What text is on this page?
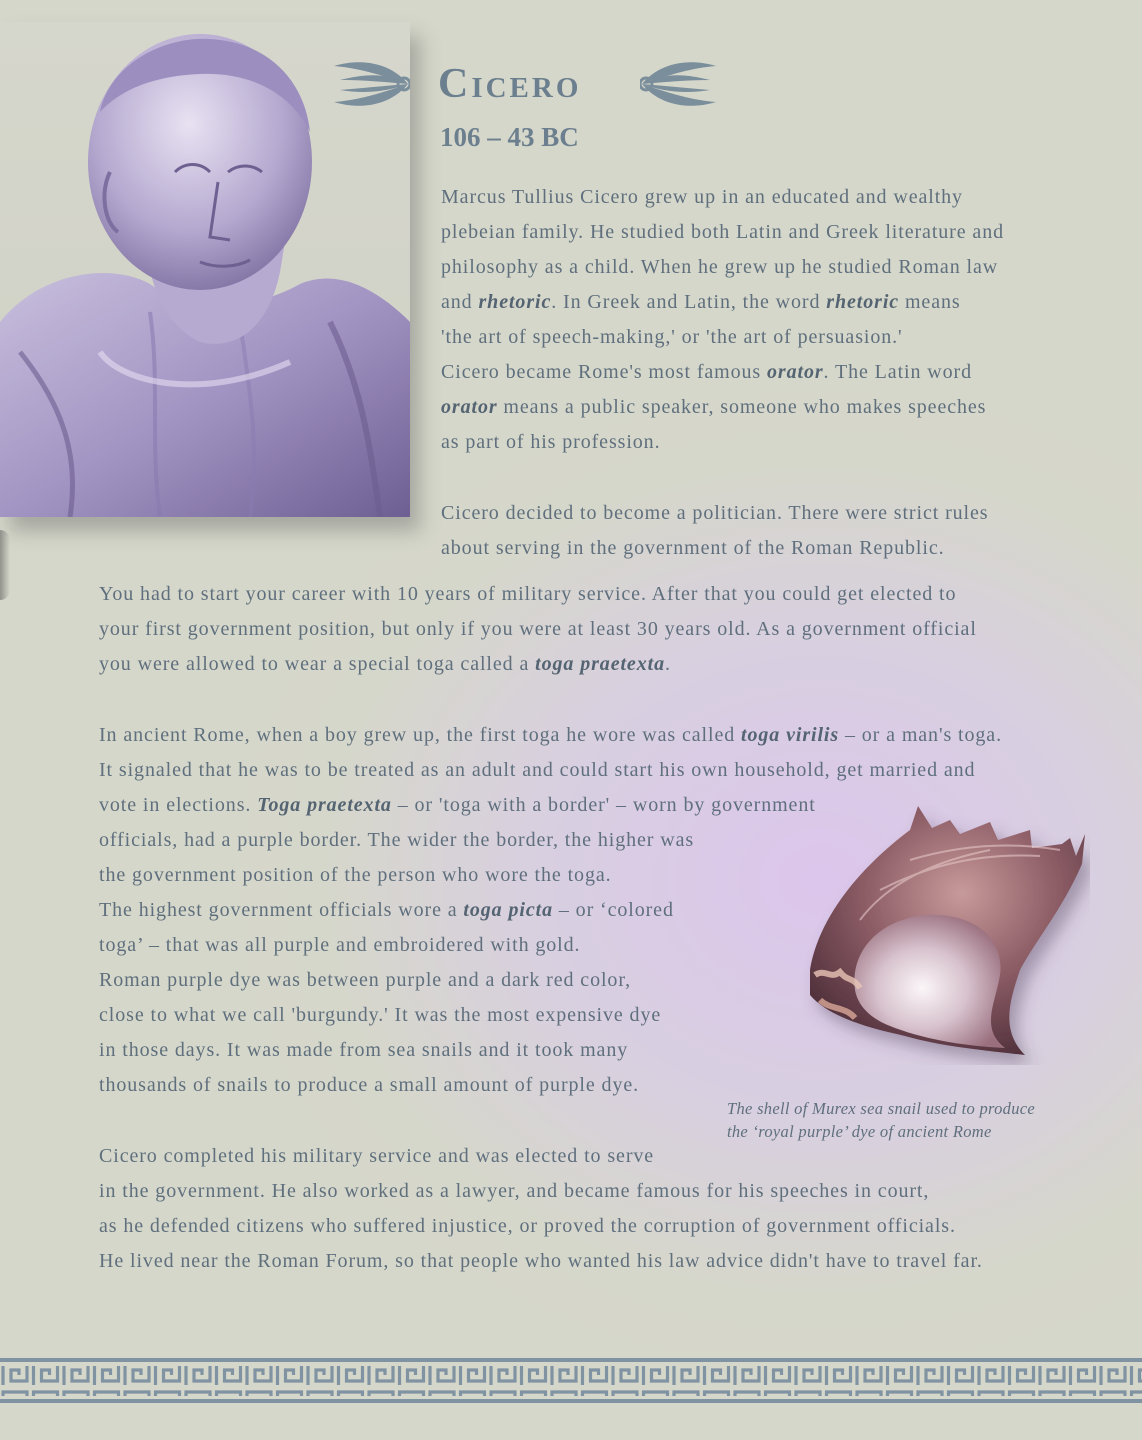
Cicero

106 – 43 BC

Marcus Tullius Cicero grew up in an educated and wealthy
plebeian family. He studied both Latin and Greek literature and
philosophy as a child. When he grew up he studied Roman law
and rhetoric. In Greek and Latin, the word rhetoric means
'the art of speech-making,' or 'the art of persuasion.'
Cicero became Rome's most famous orator. The Latin word
orator means a public speaker, someone who makes speeches
as part of his profession.

Cicero decided to become a politician. There were strict rules
about serving in the government of the Roman Republic.

You had to start your career with 10 years of military service. After that you could get elected to
your first government position, but only if you were at least 30 years old. As a government official
you were allowed to wear a special toga called a toga praetexta.

In ancient Rome, when a boy grew up, the first toga he wore was called toga virilis – or a man's toga.
It signaled that he was to be treated as an adult and could start his own household, get married and
vote in elections. Toga praetexta – or 'toga with a border' – worn by government
officials, had a purple border. The wider the border, the higher was
the government position of the person who wore the toga.
The highest government officials wore a toga picta – or ‘colored
toga’ – that was all purple and embroidered with gold.
Roman purple dye was between purple and a dark red color,
close to what we call 'burgundy.' It was the most expensive dye
in those days. It was made from sea snails and it took many
thousands of snails to produce a small amount of purple dye.

The shell of Murex sea snail used to produce
the ‘royal purple’ dye of ancient Rome

Cicero completed his military service and was elected to serve
in the government. He also worked as a lawyer, and became famous for his speeches in court,
as he defended citizens who suffered injustice, or proved the corruption of government officials.
He lived near the Roman Forum, so that people who wanted his law advice didn't have to travel far.
